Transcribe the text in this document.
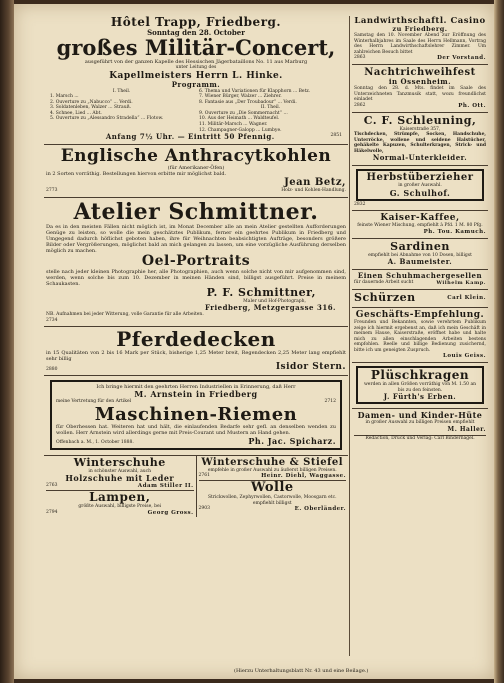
Hôtel Trapp, Friedberg.
Sonntag den 28. October
großes Militär-Concert,
ausgeführt von der ganzen Kapelle des Hessischen Jägerbataillons No. 11 aus Marburg
unter Leitung des
Kapellmeisters Herrn L. Hinke.
Programm.
I. Theil.
1. Marsch ...
2. Ouverture zu „Nabucco“ ... Verdi.
3. Soldatenleben, Walzer ... Strauß.
4. Schnee, Lied ... Abt.
5. Ouverture zu „Alessandro Stradella“ ... Flotow.
6. Thema und Variationen für Klapphorn ... Betz.
7. Wiener Bürger, Walzer ... Ziehrer.
8. Fantasie aus „Der Troubadour“ ... Verdi.
II. Theil.
9. Ouverture zu „Die Sommernacht“ ...
10. Aus der Heimath ... Waldteufel.
11. Militär-Marsch ... Wagner.
12. Champagner-Galopp ... Lumbye.
Anfang 7½ Uhr. — Eintritt 50 Pfennig.	2851
Englische Anthracytkohlen
(für Amerikaner-Öfen)
in 2 Sorten vorräthig. Bestellungen hiervon erbitte mir möglichst bald.
2773
Jean Betz,
Holz- und Kohlen-Handlung.
Atelier Schmittner.
Da es in den meisten Fällen nicht möglich ist, im Monat December alle an mein Atelier gestellten Aufforderungen Genüge zu leisten, so wolle die mein geschätztes Publikum, ferner ein geehrtes Publikum in Friedberg und Umgegend dadurch höflichst geboten haben, ihre für Weihnachten beabsichtigten Aufträge, besonders größere Bilder oder Vergrößerungen, möglichst bald an mich gelangen zu lassen, um eine vorzügliche Ausführung derselben möglich zu machen.
Oel-Portraits
stelle nach jeder kleinen Photographie her, alle Photographien, auch wenn solche nicht von mir aufgenommen sind, werden, wenn solche bis zum 10. Dezember in meinen Händen sind, billigst ausgeführt. Preise in meinem Schaukasten.
P. F. Schmittner,
Maler und Hof-Photograph,
Friedberg, Metzgergasse 316.
NB. Aufnahmen bei jeder Witterung, volle Garantie für alle Arbeiten.
2734
Pferdedecken
in 15 Qualitäten von 2 bis 16 Mark per Stück, bisherige 1,25 Meter breit, Regendecken 2,25 Meter lang empfiehlt sehr billig
2880	Isidor Stern.
Ich bringe hiermit den geehrten Herren Industriellen in Erinnerung, daß Herr
M. Arnstein in Friedberg
meine Vertretung für den Artikel	2712
Maschinen-Riemen
für Oberhessen hat. Weiteren hat und hält, die einlaufenden Bedarfe sehr gefl. an denselben wenden zu wollen. Herr Arnstein wird allerdings gerne mit Preis-Courant und Mustern an Hand gehen.
Offenbach a. M., 1. October 1888.	Ph. Jac. Spicharz.
Winterschuhe
in schönster Auswahl, auch
Holzschuhe mit Leder
2763	Adam Stiller II.
Lampen,
größte Auswahl, billigste Preise, bei
2794	Georg Gross.
Winterschuhe & Stiefel
empfehle in großer Auswahl zu äußerst billigen Preisen.
2761	Heinr. Diehl, Waggasse.
Wolle
Strickwollen, Zephyrwollen, Castorwolle, Moosgarn etc. empfiehlt billigst
2903	E. Oberländer.
Landwirthschaftl. Casino
zu Friedberg.
Samstag den 10. November Abend zur Eröffnung des Winterhalbjahres im Saale des Herrn Hellmann, Vortrag des Herrn Landwirthschaftslehrer Zimmer. Um zahlreichen Besuch bittet
2863	Der Vorstand.
Nachtrichweihfest
in Ossenheim.
Sonntag den 28. d. Mts. findet im Saale des Unterzeichneten Tanzmusik statt, wozu freundlichst einladet
2862	Ph. Ott.
C. F. Schleuning,
Kaiserstraße 357,
Tischdecken, Strümpfe, Socken, Handschuhe, Unterröcke, wollene und seidene Halstücher, gehäkelte Kapuzen, Schulterkragen, Strick- und Häkelwolle,
Normal-Unterkleider.
Herbstüberzieher
in großer Auswahl.
G. Schulhof.
2832
Kaiser-Kaffee,
feinste Wiener Mischung, empfiehlt à Pfd. 1 M. 80 Pfg.
Ph. Tou. Kamuch.
Sardinen
empfiehlt bei Abnahme von 10 Dosen, billigst
A. Baumeister.
Einen Schuhmachergesellen
für dauernde Arbeit sucht	Wilhelm Kamp.
Schürzen	Carl Klein.
Geschäfts-Empfehlung.
Freunden und Bekannten, sowie verehrtem Publikum zeige ich hiermit ergebenst an, daß ich mein Geschäft in meinem Hause, Kaiserstraße, eröffnet habe und halte mich zu allen einschlagenden Arbeiten bestens empfohlen. Reelle und billige Bedienung zusichernd, bitte ich um geneigten Zuspruch.
Louis Geiss.
Plüschkragen
werden in allen Größen vorräthig von M. 1.50 an bis zu den feinsten.
J. Fürth's Erben.
Damen- und Kinder-Hüte
in großer Auswahl zu billigen Preisen empfiehlt
M. Haller.
Redaction, Druck und Verlag: Carl Bindernagel.
(Hierzu Unterhaltungsblatt Nr. 43 und eine Beilage.)
